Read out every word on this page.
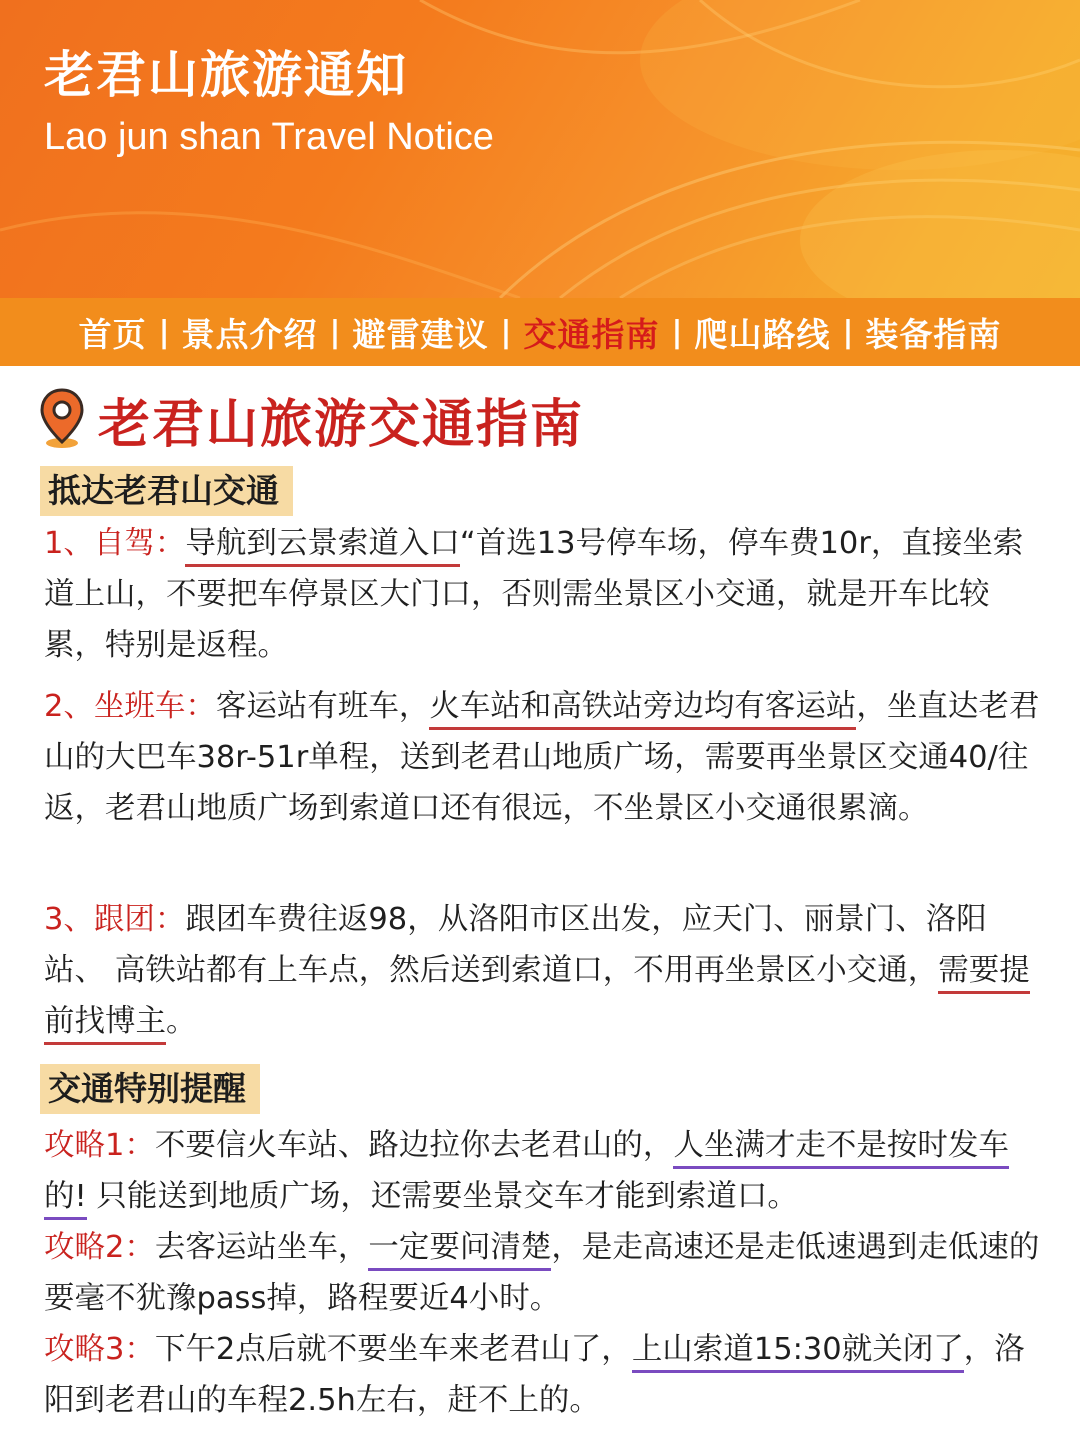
老君山旅游通知
Lao jun shan Travel Notice
首页 | 景点介绍 | 避雷建议 | 交通指南 | 爬山路线 | 装备指南
老君山旅游交通指南
抵达老君山交通
1、自驾：导航到云景索道入口“首选13号停车场，停车费10r，直接坐索道上山，不要把车停景区大门口，否则需坐景区小交通，就是开车比较累，特别是返程。
2、坐班车：客运站有班车，火车站和高铁站旁边均有客运站，坐直达老君山的大巴车38r-51r单程，送到老君山地质广场，需要再坐景区交通40/往返，老君山地质广场到索道口还有很远，不坐景区小交通很累滴。
3、跟团：跟团车费往返98，从洛阳市区出发，应天门、丽景门、洛阳站、 高铁站都有上车点，然后送到索道口，不用再坐景区小交通，需要提前找博主。
交通特别提醒
攻略1：不要信火车站、路边拉你去老君山的，人坐满才走不是按时发车的! 只能送到地质广场，还需要坐景交车才能到索道口。
攻略2：去客运站坐车，一定要问清楚，是走高速还是走低速遇到走低速的要毫不犹豫pass掉，路程要近4小时。
攻略3：下午2点后就不要坐车来老君山了，上山索道15:30就关闭了，洛阳到老君山的车程2.5h左右，赶不上的。
